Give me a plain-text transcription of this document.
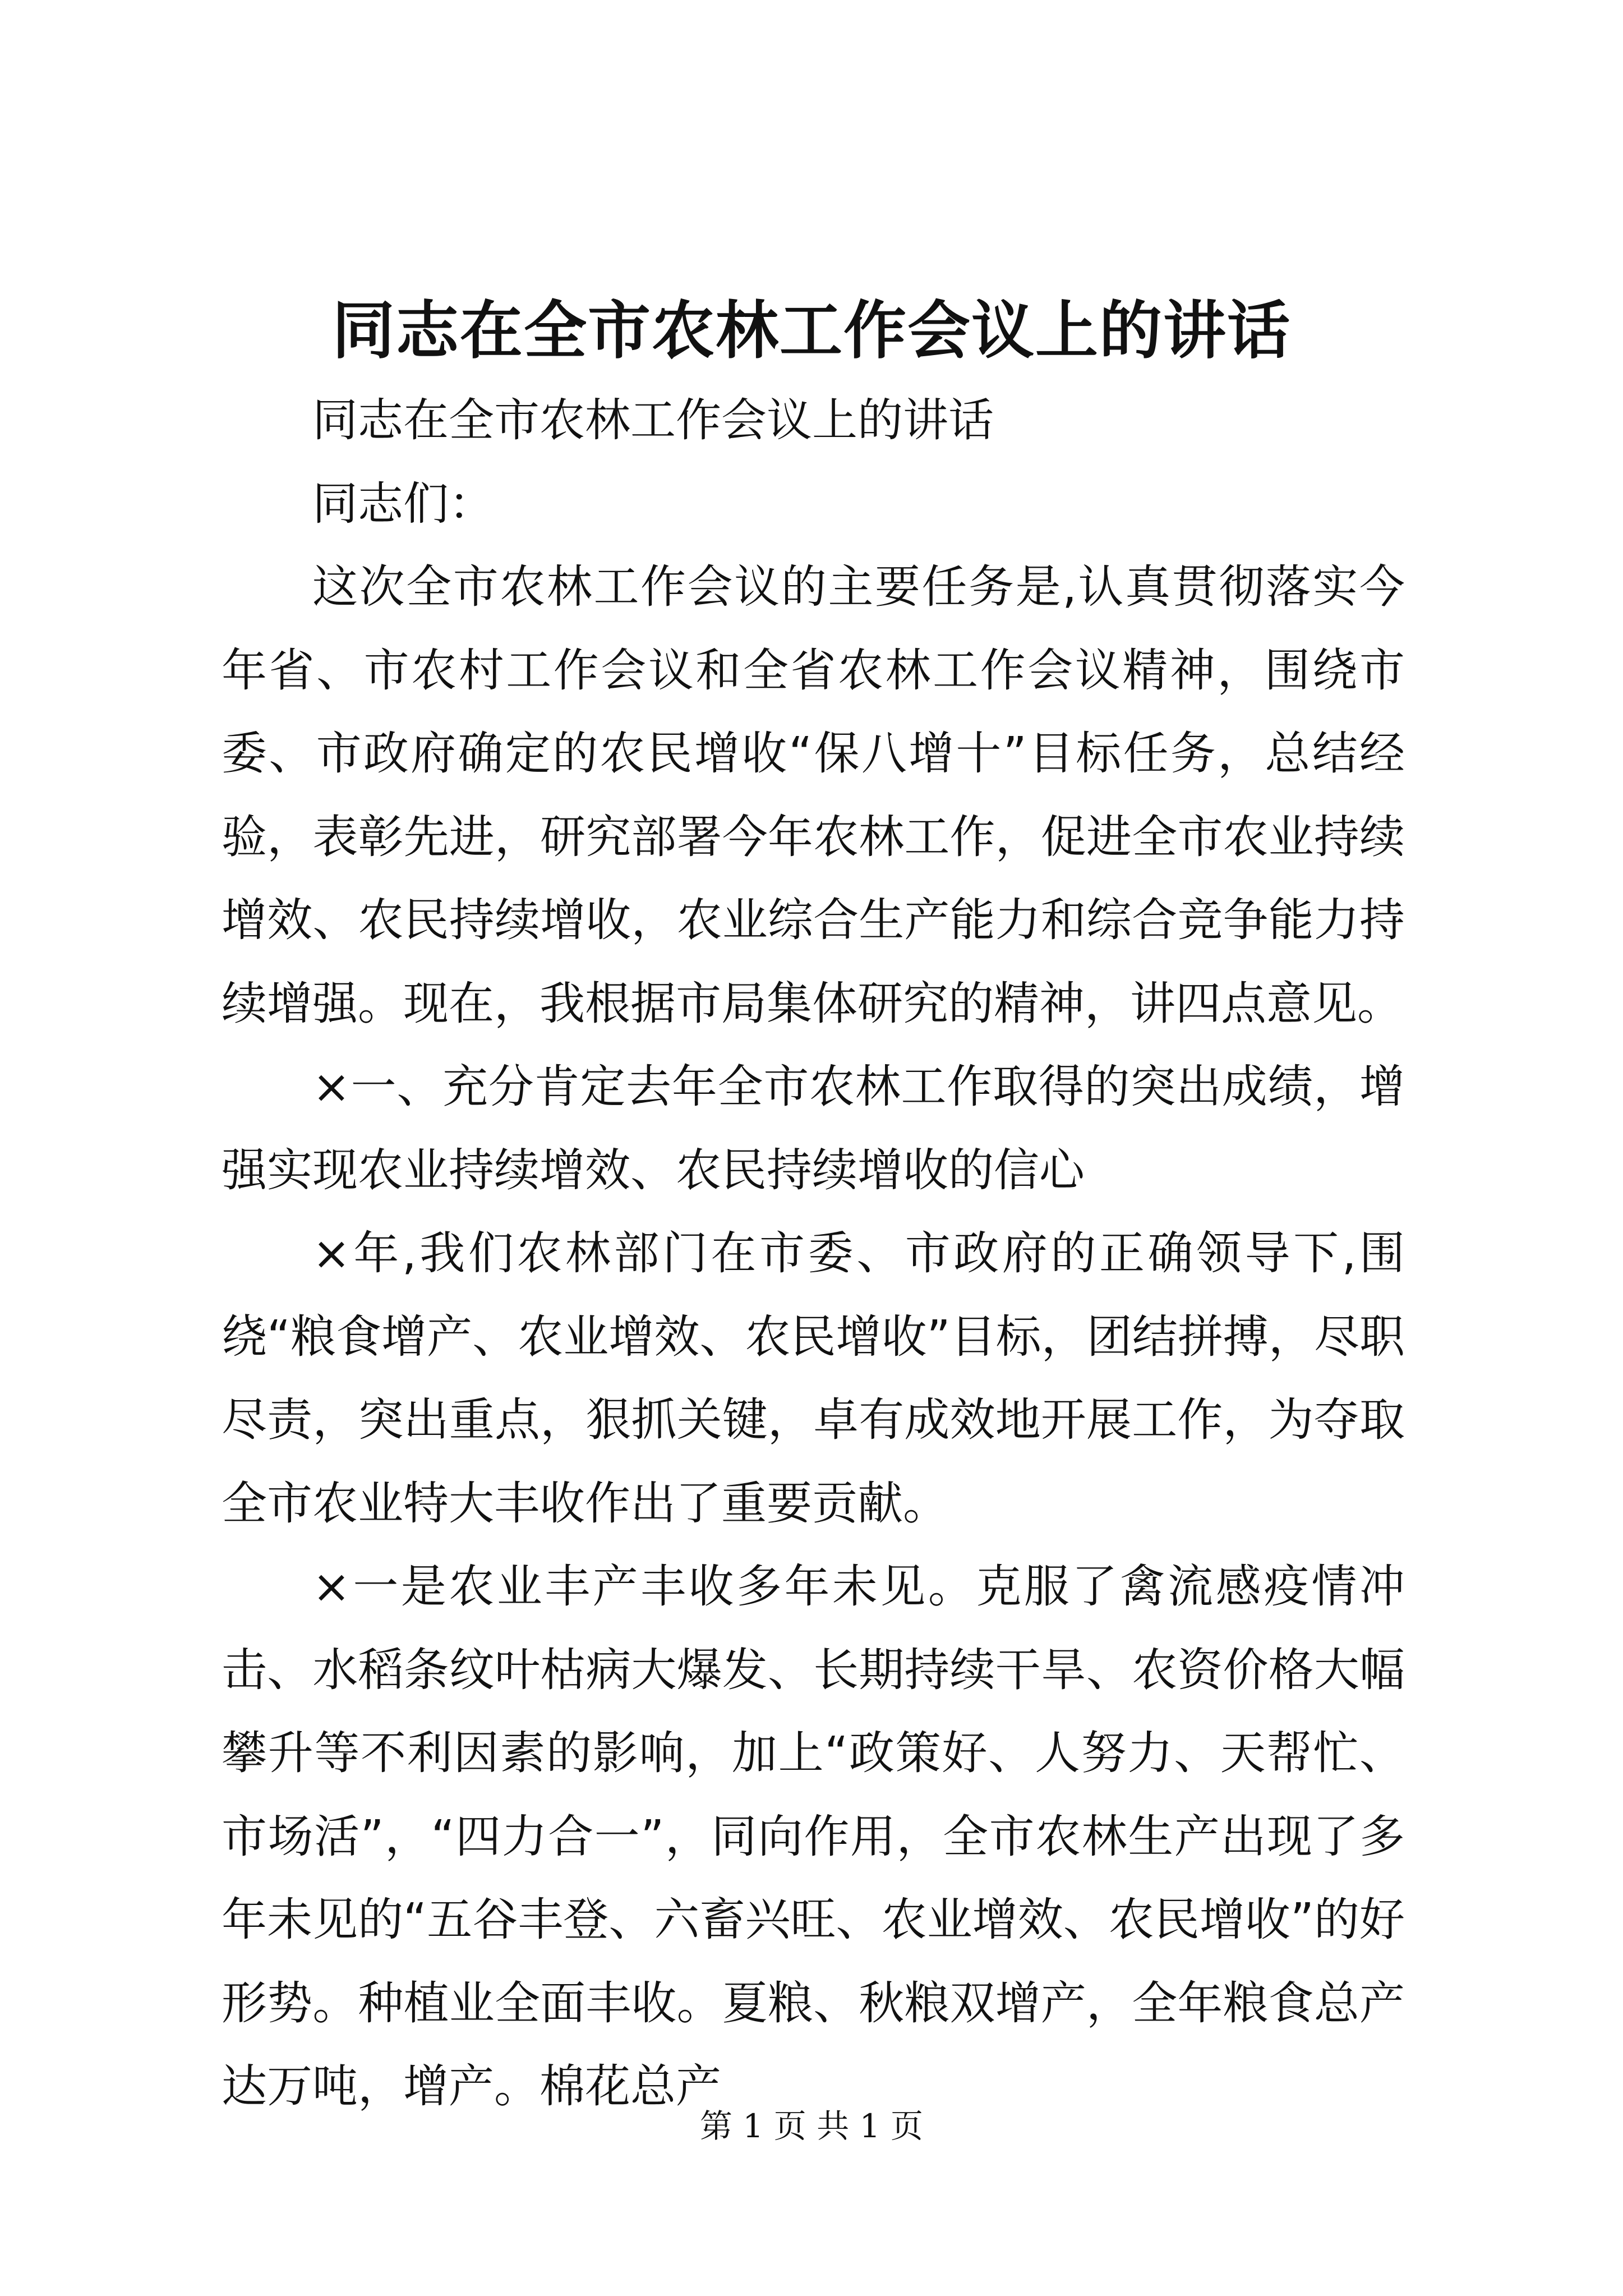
同志在全市农林工作会议上的讲话

同志在全市农林工作会议上的讲话

同志们：

这次全市农林工作会议的主要任务是,认真贯彻落实今年省、市农村工作会议和全省农林工作会议精神，围绕市委、市政府确定的农民增收“保八增十”目标任务，总结经验，表彰先进，研究部署今年农林工作，促进全市农业持续增效、农民持续增收，农业综合生产能力和综合竞争能力持续增强。现在，我根据市局集体研究的精神，讲四点意见。

×一、充分肯定去年全市农林工作取得的突出成绩，增强实现农业持续增效、农民持续增收的信心

×年,我们农林部门在市委、市政府的正确领导下,围绕“粮食增产、农业增效、农民增收”目标，团结拼搏，尽职尽责，突出重点，狠抓关键，卓有成效地开展工作，为夺取全市农业特大丰收作出了重要贡献。

×一是农业丰产丰收多年未见。克服了禽流感疫情冲击、水稻条纹叶枯病大爆发、长期持续干旱、农资价格大幅攀升等不利因素的影响，加上“政策好、人努力、天帮忙、市场活”，“四力合一”，同向作用，全市农林生产出现了多年未见的“五谷丰登、六畜兴旺、农业增效、农民增收”的好形势。种植业全面丰收。夏粮、秋粮双增产，全年粮食总产达万吨，增产。棉花总产

第 1 页 共 1 页
